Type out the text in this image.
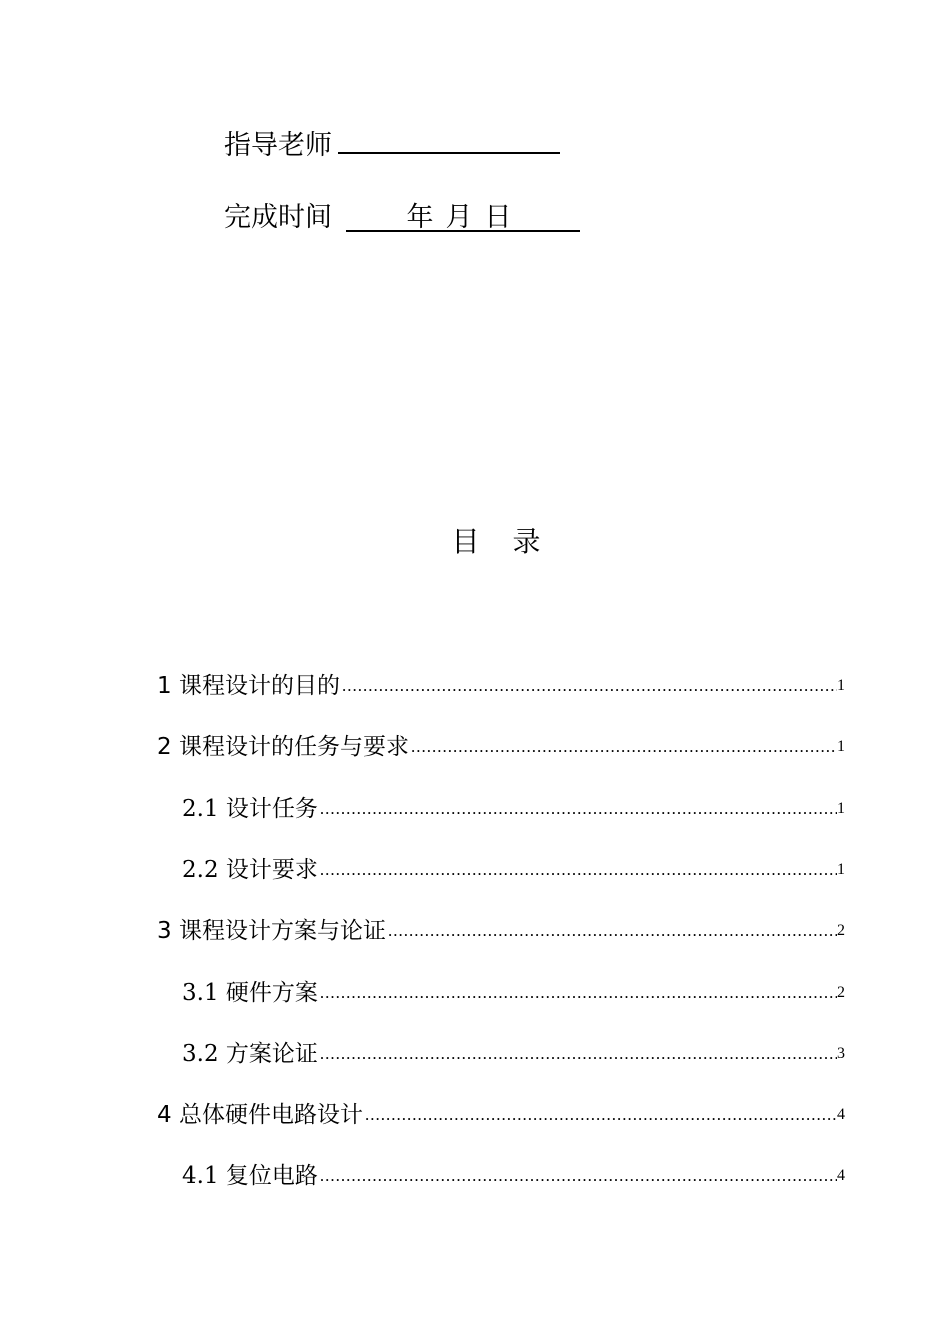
指导老师
完成时间	年 月 日
目 录
1 课程设计的目的 .....	1
2 课程设计的任务与要求 .....	1
2.1 设计任务 .....	1
2.2 设计要求 .....	1
3 课程设计方案与论证 .....	2
3.1 硬件方案 .....	2
3.2 方案论证 .....	3
4 总体硬件电路设计 .....	4
4.1 复位电路 .....	4
